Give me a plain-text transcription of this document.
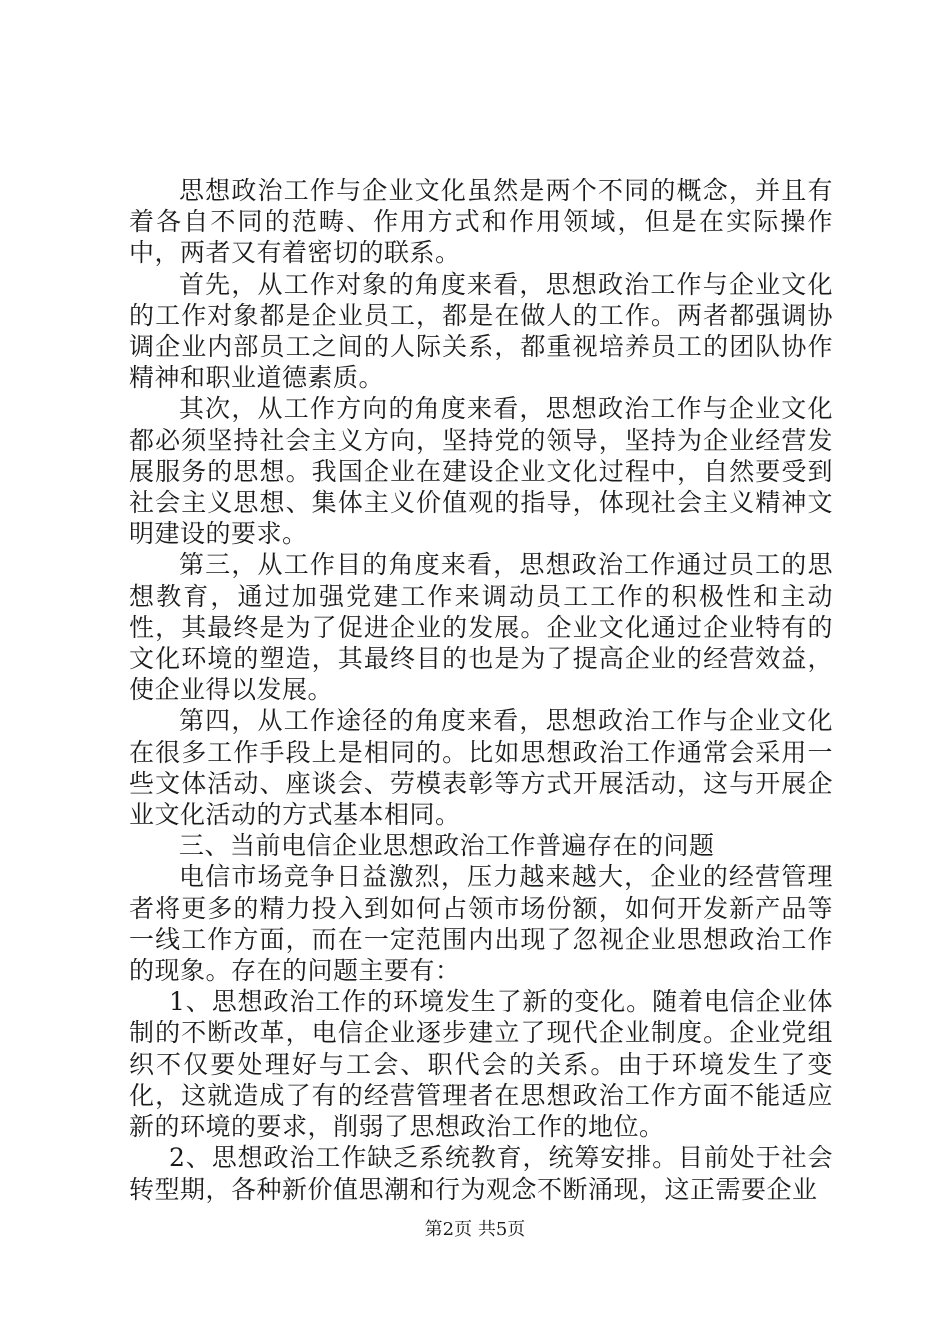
思想政治工作与企业文化虽然是两个不同的概念，并且有着各自不同的范畴、作用方式和作用领域，但是在实际操作中，两者又有着密切的联系。

首先，从工作对象的角度来看，思想政治工作与企业文化的工作对象都是企业员工，都是在做人的工作。两者都强调协调企业内部员工之间的人际关系，都重视培养员工的团队协作精神和职业道德素质。

其次，从工作方向的角度来看，思想政治工作与企业文化都必须坚持社会主义方向，坚持党的领导，坚持为企业经营发展服务的思想。我国企业在建设企业文化过程中，自然要受到社会主义思想、集体主义价值观的指导，体现社会主义精神文明建设的要求。

第三，从工作目的角度来看，思想政治工作通过员工的思想教育，通过加强党建工作来调动员工工作的积极性和主动性，其最终是为了促进企业的发展。企业文化通过企业特有的文化环境的塑造，其最终目的也是为了提高企业的经营效益，使企业得以发展。

第四，从工作途径的角度来看，思想政治工作与企业文化在很多工作手段上是相同的。比如思想政治工作通常会采用一些文体活动、座谈会、劳模表彰等方式开展活动，这与开展企业文化活动的方式基本相同。

三、当前电信企业思想政治工作普遍存在的问题

电信市场竞争日益激烈，压力越来越大，企业的经营管理者将更多的精力投入到如何占领市场份额，如何开发新产品等一线工作方面，而在一定范围内出现了忽视企业思想政治工作的现象。存在的问题主要有：

1、思想政治工作的环境发生了新的变化。随着电信企业体制的不断改革，电信企业逐步建立了现代企业制度。企业党组织不仅要处理好与工会、职代会的关系。由于环境发生了变化，这就造成了有的经营管理者在思想政治工作方面不能适应新的环境的要求，削弱了思想政治工作的地位。

2、思想政治工作缺乏系统教育，统筹安排。目前处于社会转型期，各种新价值思潮和行为观念不断涌现，这正需要企业

第2页 共5页
